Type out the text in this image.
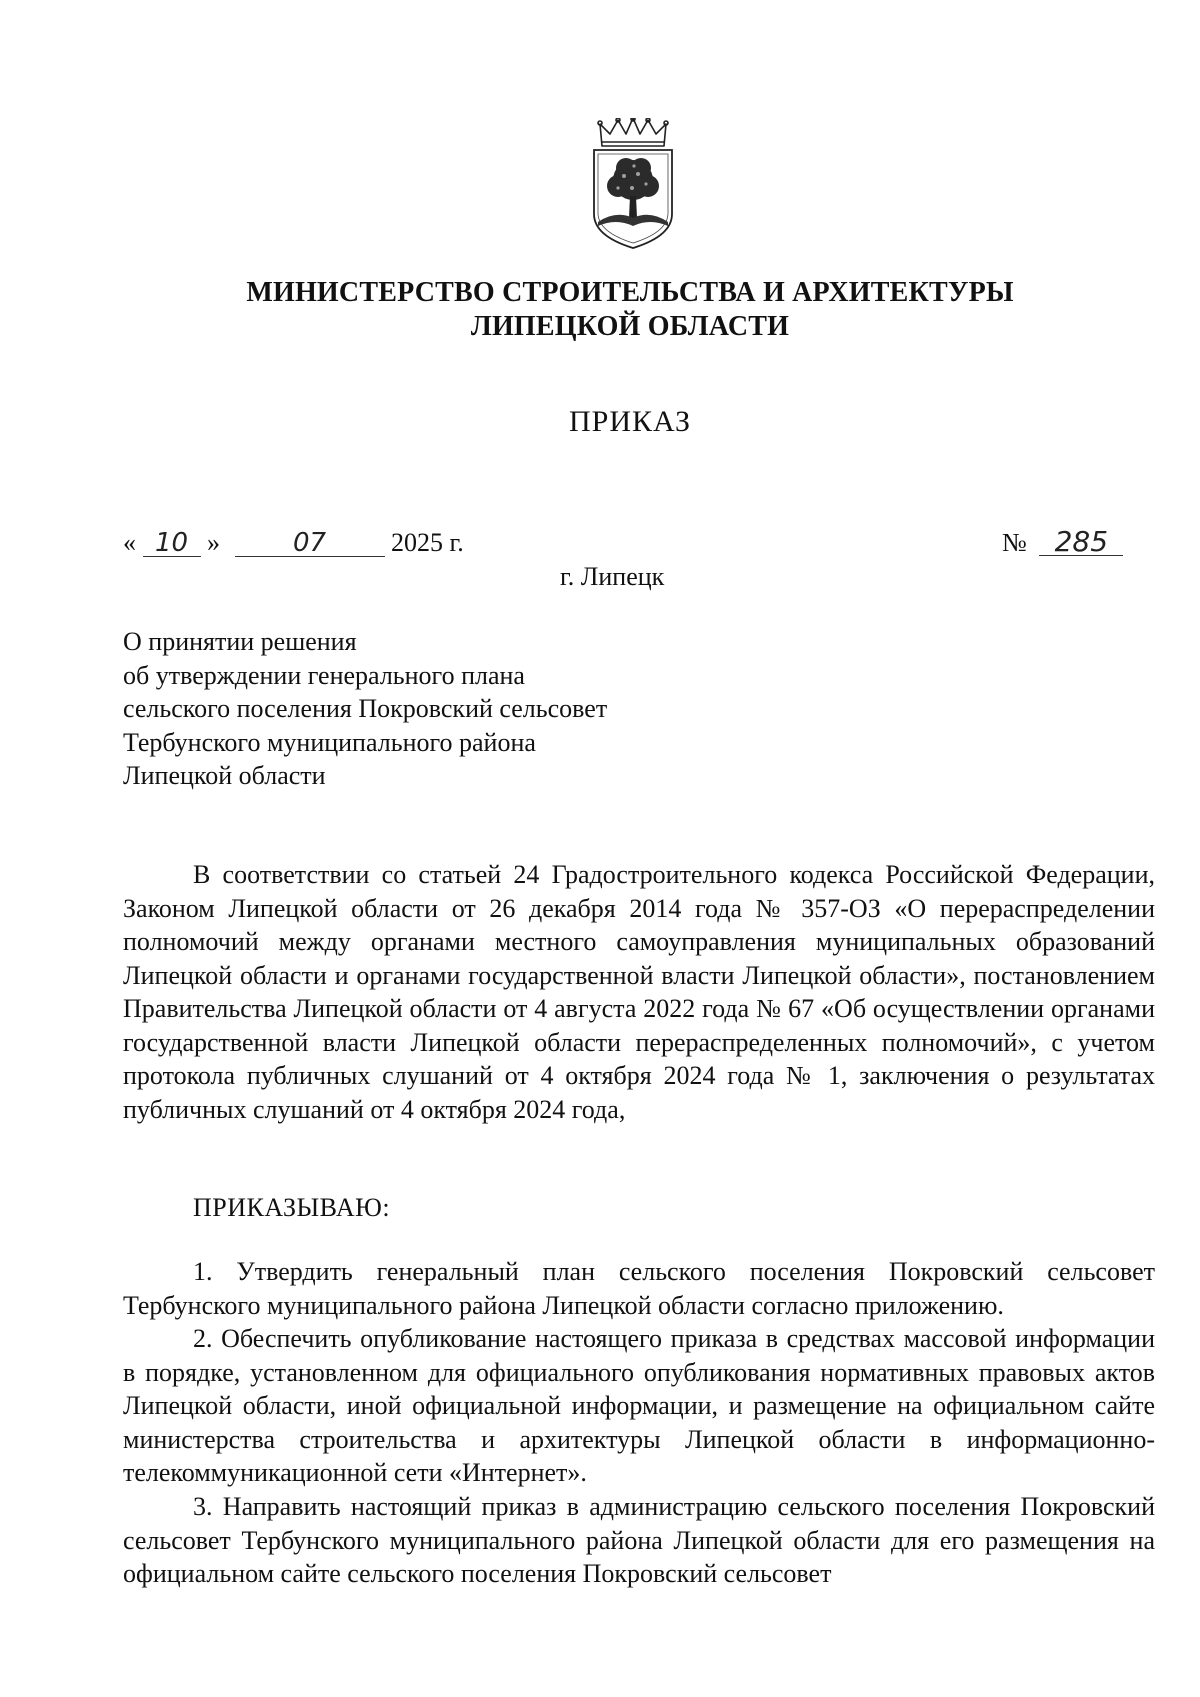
МИНИСТЕРСТВО СТРОИТЕЛЬСТВА И АРХИТЕКТУРЫ
ЛИПЕЦКОЙ ОБЛАСТИ
ПРИКАЗ
« 10 »	07 2025 г.	№ 285
г. Липецк
О принятии решения
об утверждении генерального плана
сельского поселения Покровский сельсовет
Тербунского муниципального района
Липецкой области

В соответствии со статьей 24 Градостроительного кодекса Российской Федерации, Законом Липецкой области от 26 декабря 2014 года № 357-ОЗ «О перераспределении полномочий между органами местного самоуправления муниципальных образований Липецкой области и органами государственной власти Липецкой области», постановлением Правительства Липецкой области от 4 августа 2022 года № 67 «Об осуществлении органами государственной власти Липецкой области перераспределенных полномочий», с учетом протокола публичных слушаний от 4 октября 2024 года № 1, заключения о результатах публичных слушаний от 4 октября 2024 года,

ПРИКАЗЫВАЮ:

1. Утвердить генеральный план сельского поселения Покровский сельсовет Тербунского муниципального района Липецкой области согласно приложению.

2. Обеспечить опубликование настоящего приказа в средствах массовой информации в порядке, установленном для официального опубликования нормативных правовых актов Липецкой области, иной официальной информации, и размещение на официальном сайте министерства строительства и архитектуры Липецкой области в информационно-телекоммуникационной сети «Интернет».

3. Направить настоящий приказ в администрацию сельского поселения Покровский сельсовет Тербунского муниципального района Липецкой области для его размещения на официальном сайте сельского поселения Покровский сельсовет
